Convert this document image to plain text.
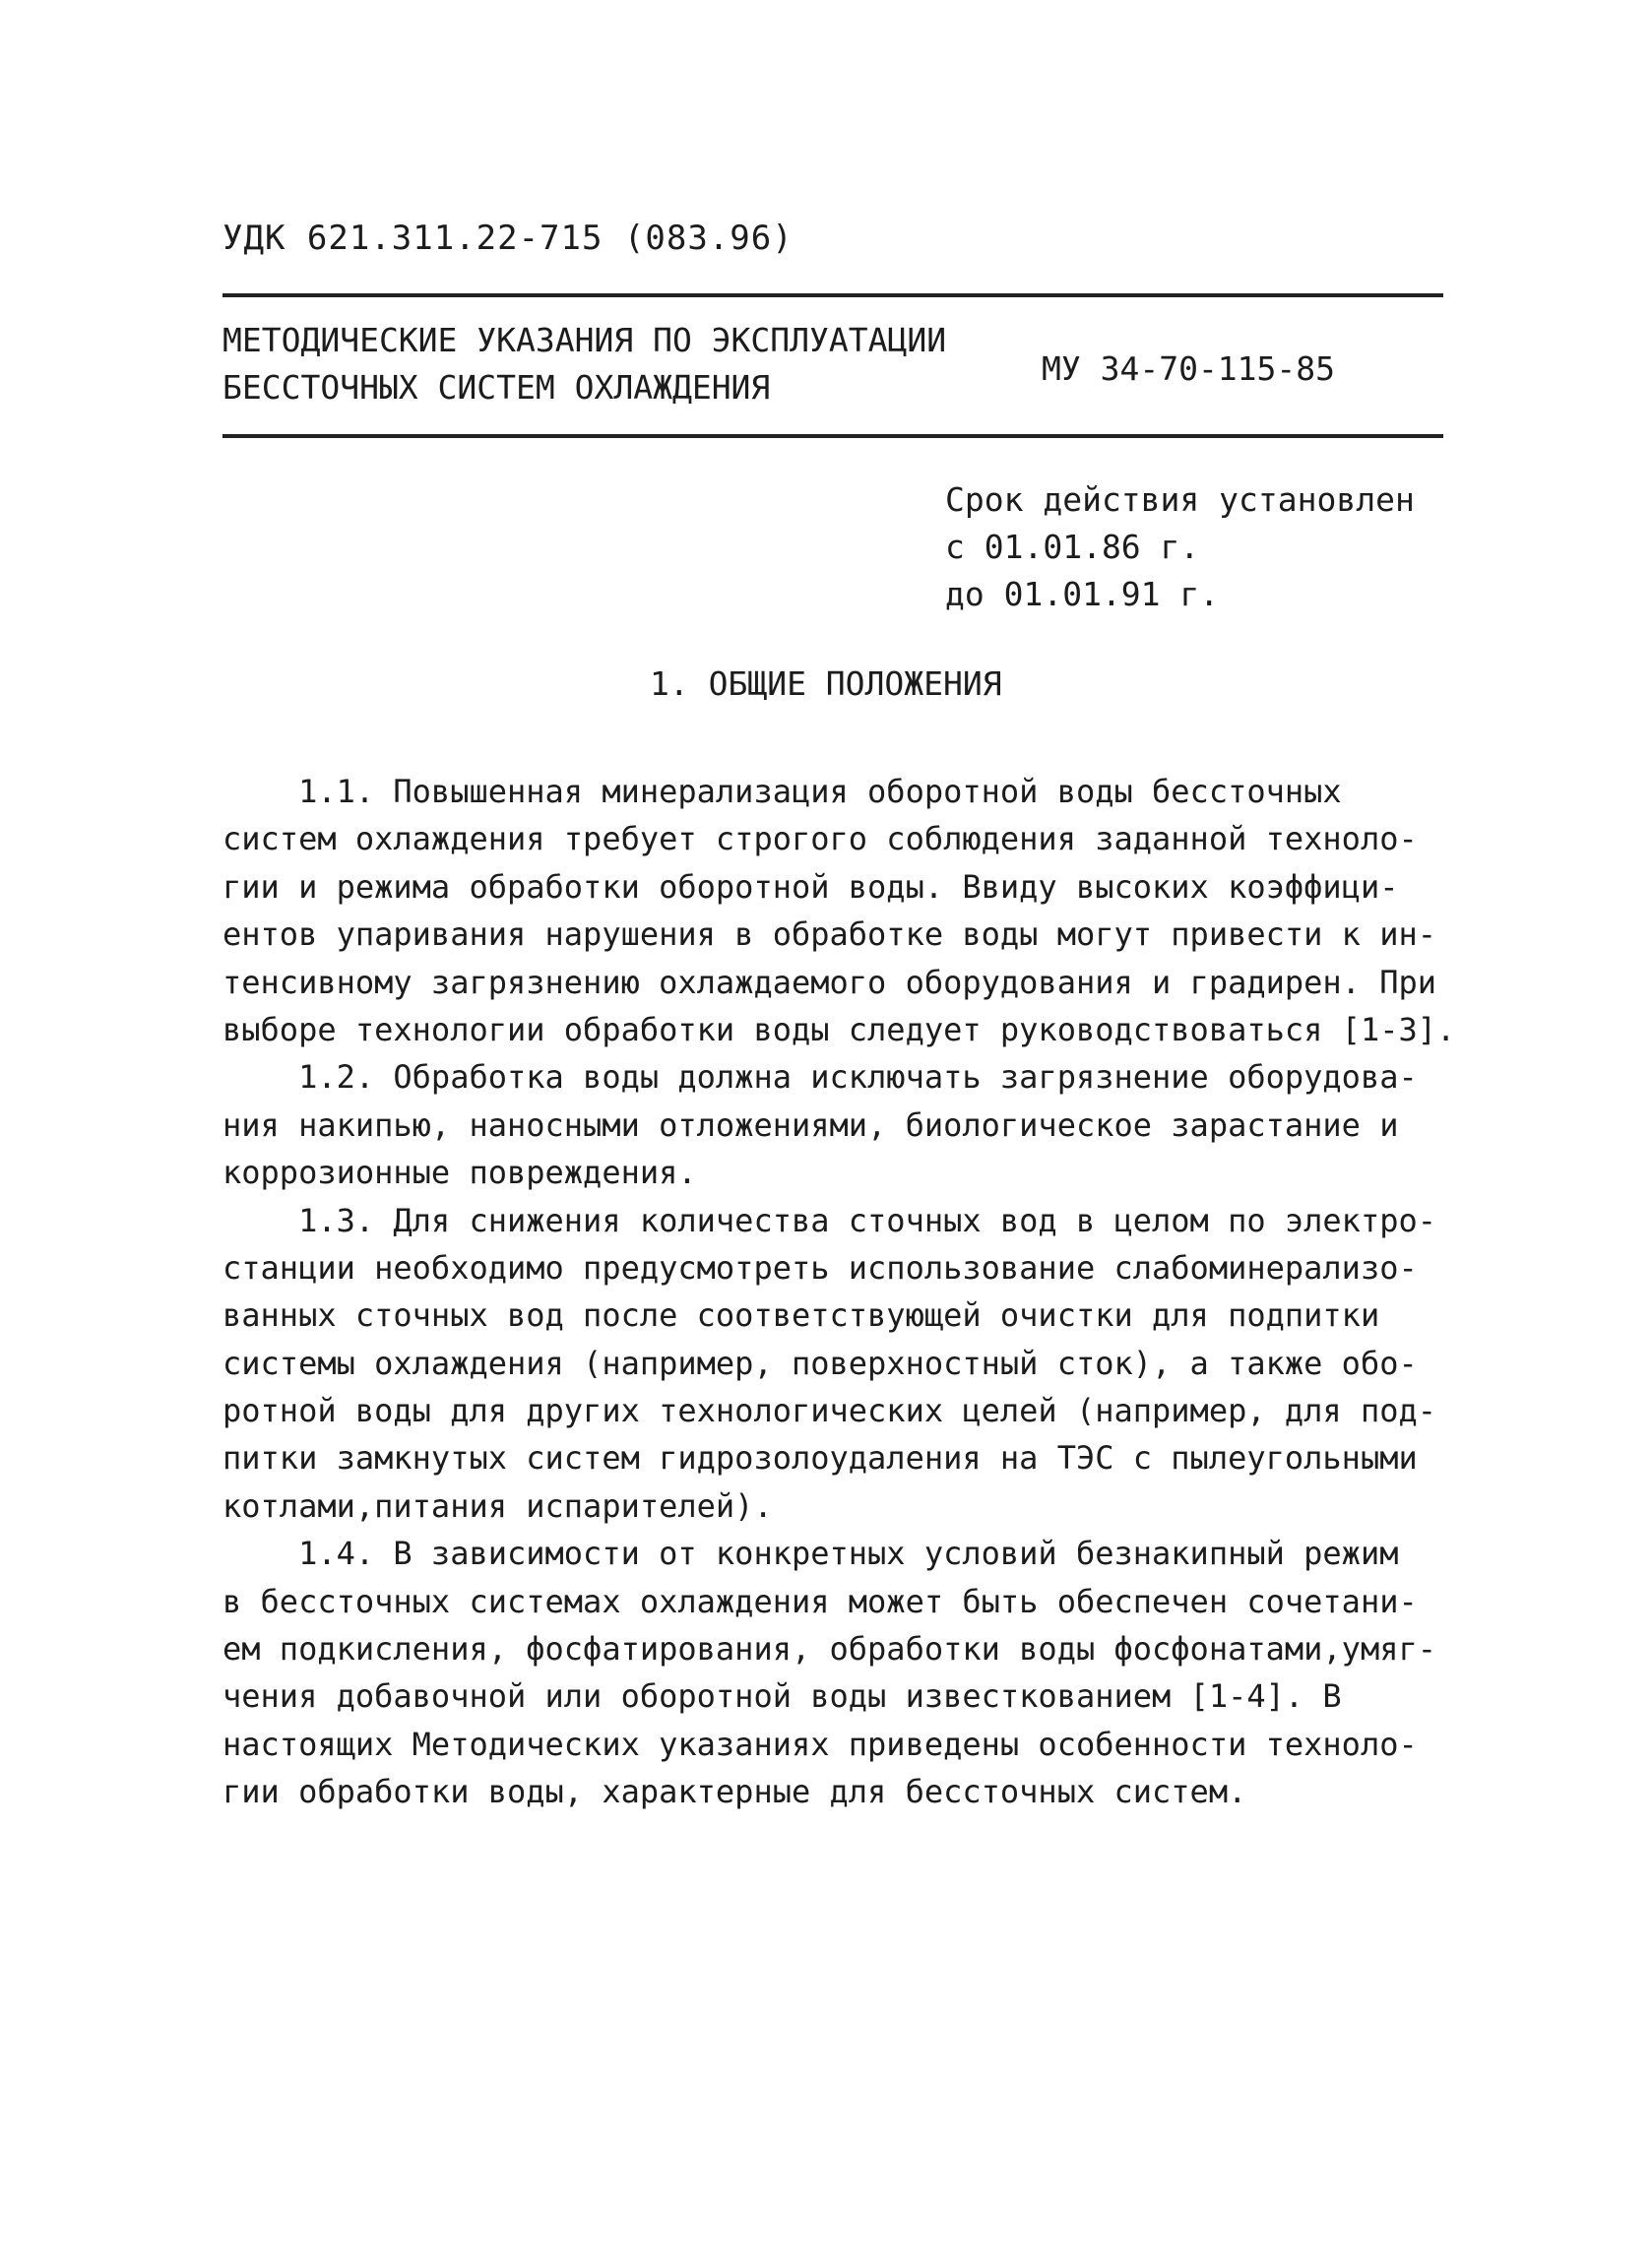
УДК 621.311.22-715 (083.96)
МЕТОДИЧЕСКИЕ УКАЗАНИЯ ПО ЭКСПЛУАТАЦИИ
БЕССТОЧНЫХ СИСТЕМ ОХЛАЖДЕНИЯ	МУ 34-70-115-85
Срок действия установлен
с 01.01.86 г.
до 01.01.91 г.
1. ОБЩИЕ ПОЛОЖЕНИЯ
1.1. Повышенная минерализация оборотной воды бессточных
систем охлаждения требует строгого соблюдения заданной техноло-
гии и режима обработки оборотной воды. Ввиду высоких коэффици-
ентов упаривания нарушения в обработке воды могут привести к ин-
тенсивному загрязнению охлаждаемого оборудования и градирен. При
выборе технологии обработки воды следует руководствоваться [1-3].
1.2. Обработка воды должна исключать загрязнение оборудова-
ния накипью, наносными отложениями, биологическое зарастание и
коррозионные повреждения.
1.3. Для снижения количества сточных вод в целом по электро-
станции необходимо предусмотреть использование слабоминерализо-
ванных сточных вод после соответствующей очистки для подпитки
системы охлаждения (например, поверхностный сток), а также обо-
ротной воды для других технологических целей (например, для под-
питки замкнутых систем гидрозолоудаления на ТЭС с пылеугольными
котлами,питания испарителей).
1.4. В зависимости от конкретных условий безнакипный режим
в бессточных системах охлаждения может быть обеспечен сочетани-
ем подкисления, фосфатирования, обработки воды фосфонатами,умяг-
чения добавочной или оборотной воды известкованием [1-4]. В
настоящих Методических указаниях приведены особенности техноло-
гии обработки воды, характерные для бессточных систем.
